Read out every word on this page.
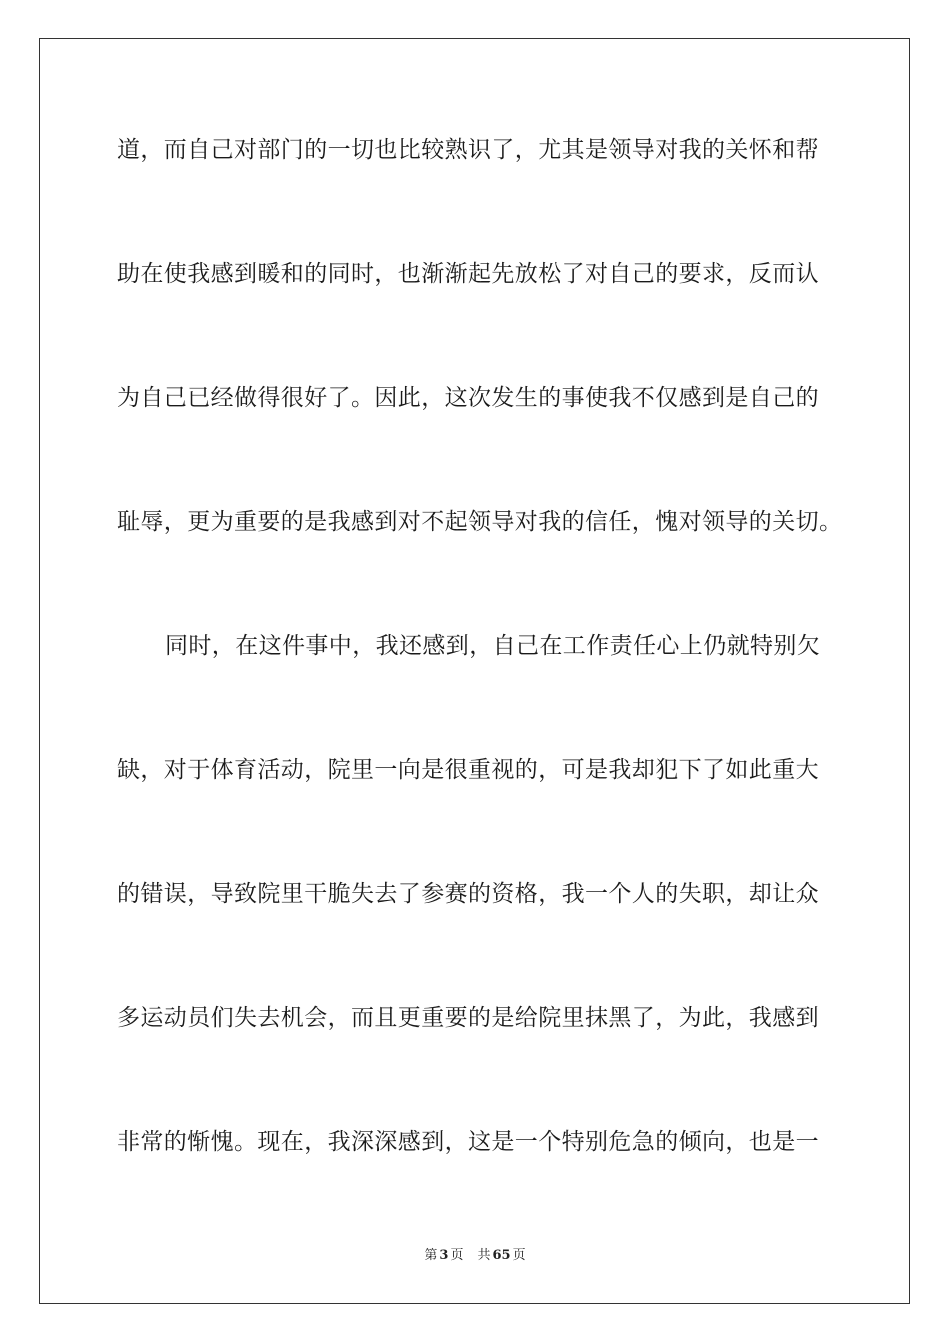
道，而自己对部门的一切也比较熟识了，尤其是领导对我的关怀和帮

助在使我感到暖和的同时，也渐渐起先放松了对自己的要求，反而认

为自己已经做得很好了。因此，这次发生的事使我不仅感到是自己的

耻辱，更为重要的是我感到对不起领导对我的信任，愧对领导的关切。

同时，在这件事中，我还感到，自己在工作责任心上仍就特别欠

缺，对于体育活动，院里一向是很重视的，可是我却犯下了如此重大

的错误，导致院里干脆失去了参赛的资格，我一个人的失职，却让众

多运动员们失去机会，而且更重要的是给院里抹黑了，为此，我感到

非常的惭愧。现在，我深深感到，这是一个特别危急的倾向，也是一

第 3 页 共 65 页
